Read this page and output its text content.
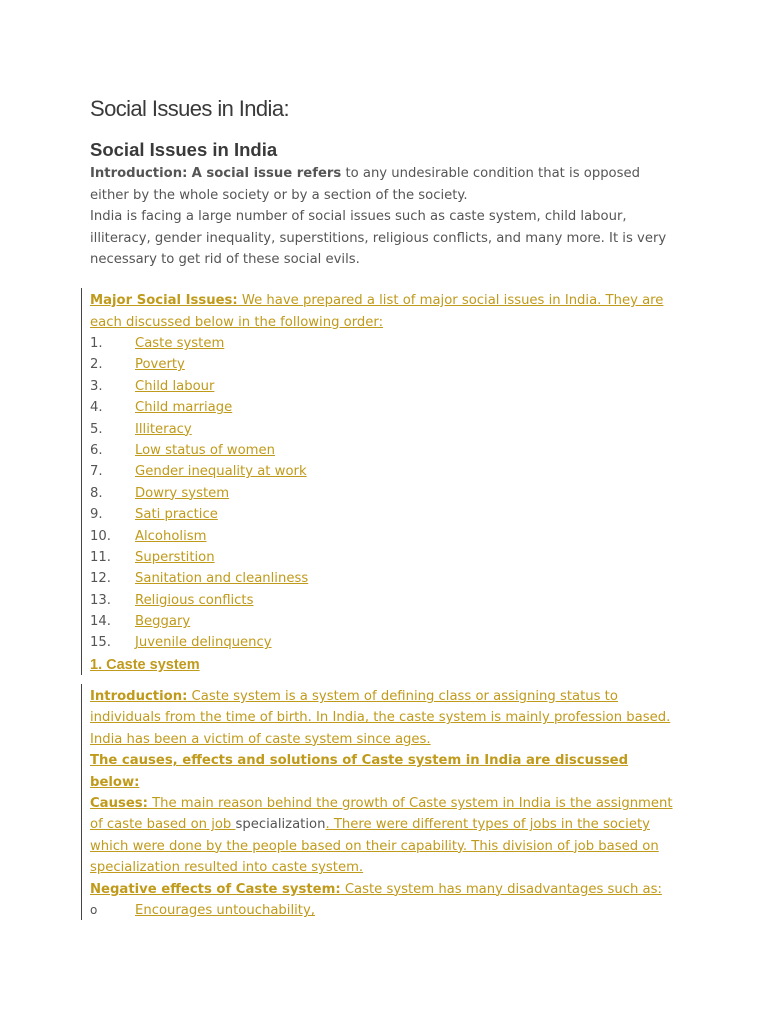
Social Issues in India:
Social Issues in India

Introduction: A social issue refers to any undesirable condition that is opposed

either by the whole society or by a section of the society.

India is facing a large number of social issues such as caste system, child labour,

illiteracy, gender inequality, superstitions, religious conflicts, and many more. It is very

necessary to get rid of these social evils.

Major Social Issues: We have prepared a list of major social issues in India. They are

each discussed below in the following order:

1. Caste system
2. Poverty
3. Child labour
4. Child marriage
5. Illiteracy
6. Low status of women
7. Gender inequality at work
8. Dowry system
9. Sati practice
10. Alcoholism
11. Superstition
12. Sanitation and cleanliness
13. Religious conflicts
14. Beggary
15. Juvenile delinquency
1. Caste system

Introduction: Caste system is a system of defining class or assigning status to

individuals from the time of birth. In India, the caste system is mainly profession based.

India has been a victim of caste system since ages.

The causes, effects and solutions of Caste system in India are discussed

below:

Causes: The main reason behind the growth of Caste system in India is the assignment

of caste based on job specialization. There were different types of jobs in the society

which were done by the people based on their capability. This division of job based on

specialization resulted into caste system.

Negative effects of Caste system: Caste system has many disadvantages such as:

o	Encourages untouchability,
